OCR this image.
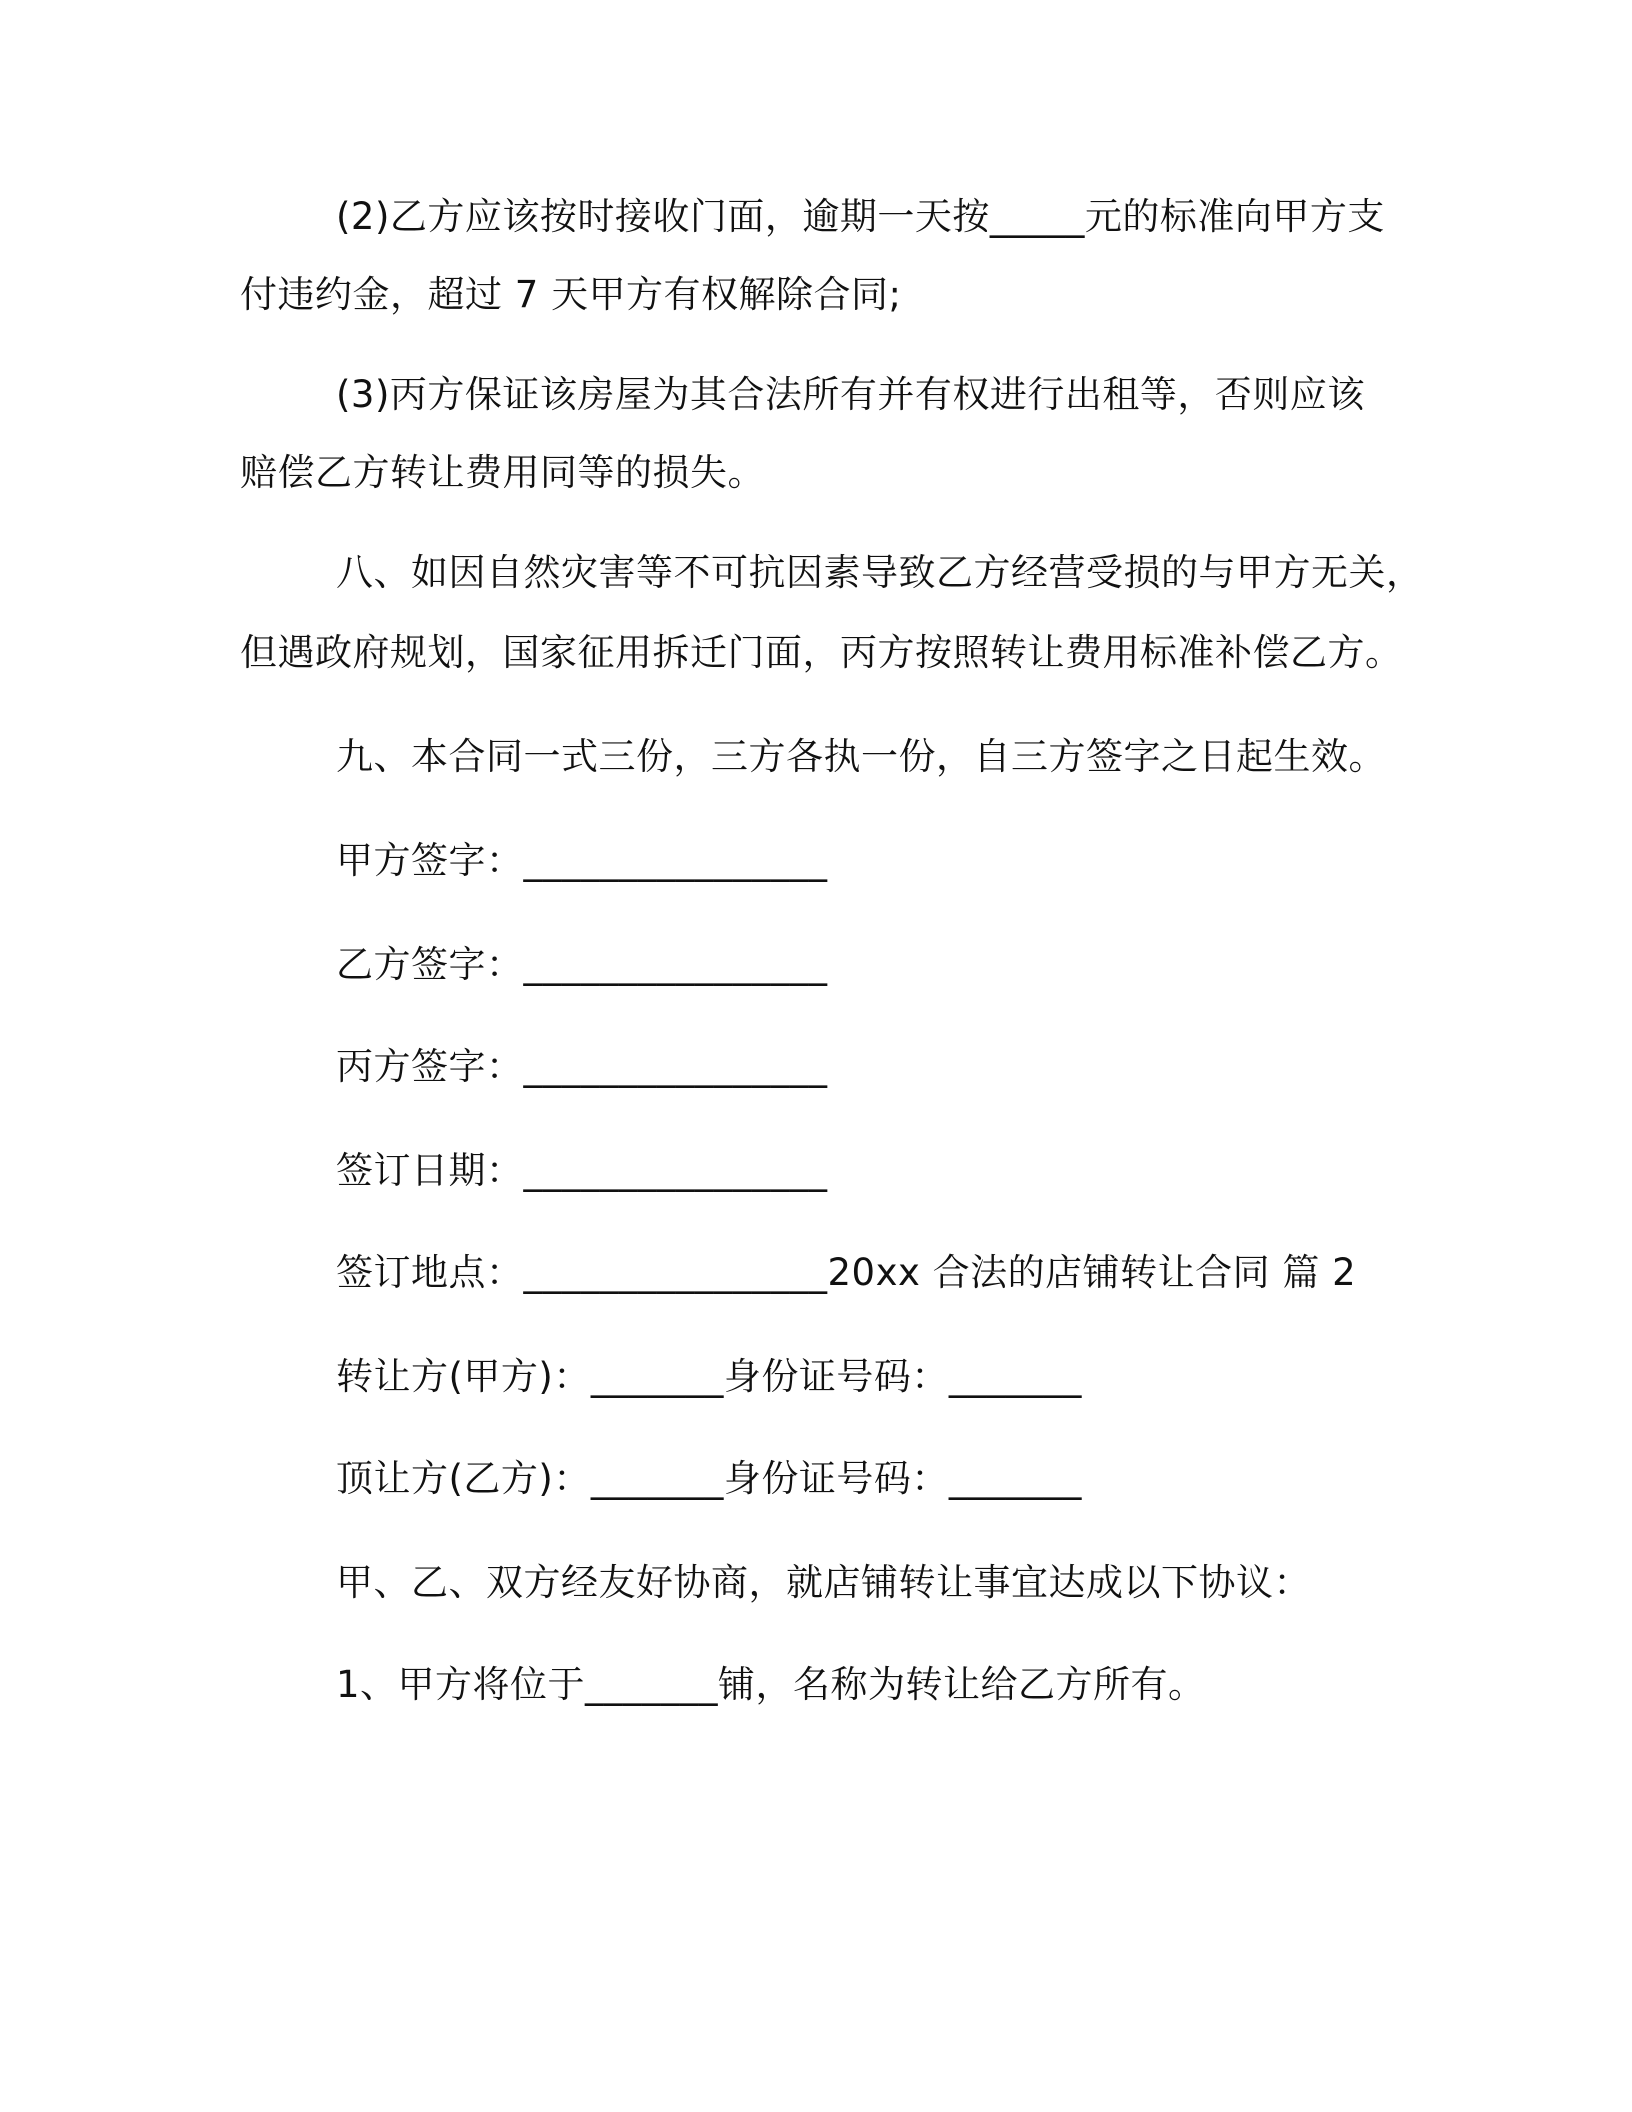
(2)乙方应该按时接收门面，逾期一天按_____元的标准向甲方支
付违约金，超过 7 天甲方有权解除合同;
(3)丙方保证该房屋为其合法所有并有权进行出租等，否则应该
赔偿乙方转让费用同等的损失。
八、如因自然灾害等不可抗因素导致乙方经营受损的与甲方无关，
但遇政府规划，国家征用拆迁门面，丙方按照转让费用标准补偿乙方。
九、本合同一式三份，三方各执一份，自三方签字之日起生效。
甲方签字：________________
乙方签字：________________
丙方签字：________________
签订日期：________________
签订地点：________________20xx 合法的店铺转让合同 篇 2
转让方(甲方)：_______身份证号码：_______
顶让方(乙方)：_______身份证号码：_______
甲、乙、双方经友好协商，就店铺转让事宜达成以下协议：
1、甲方将位于_______铺，名称为转让给乙方所有。
